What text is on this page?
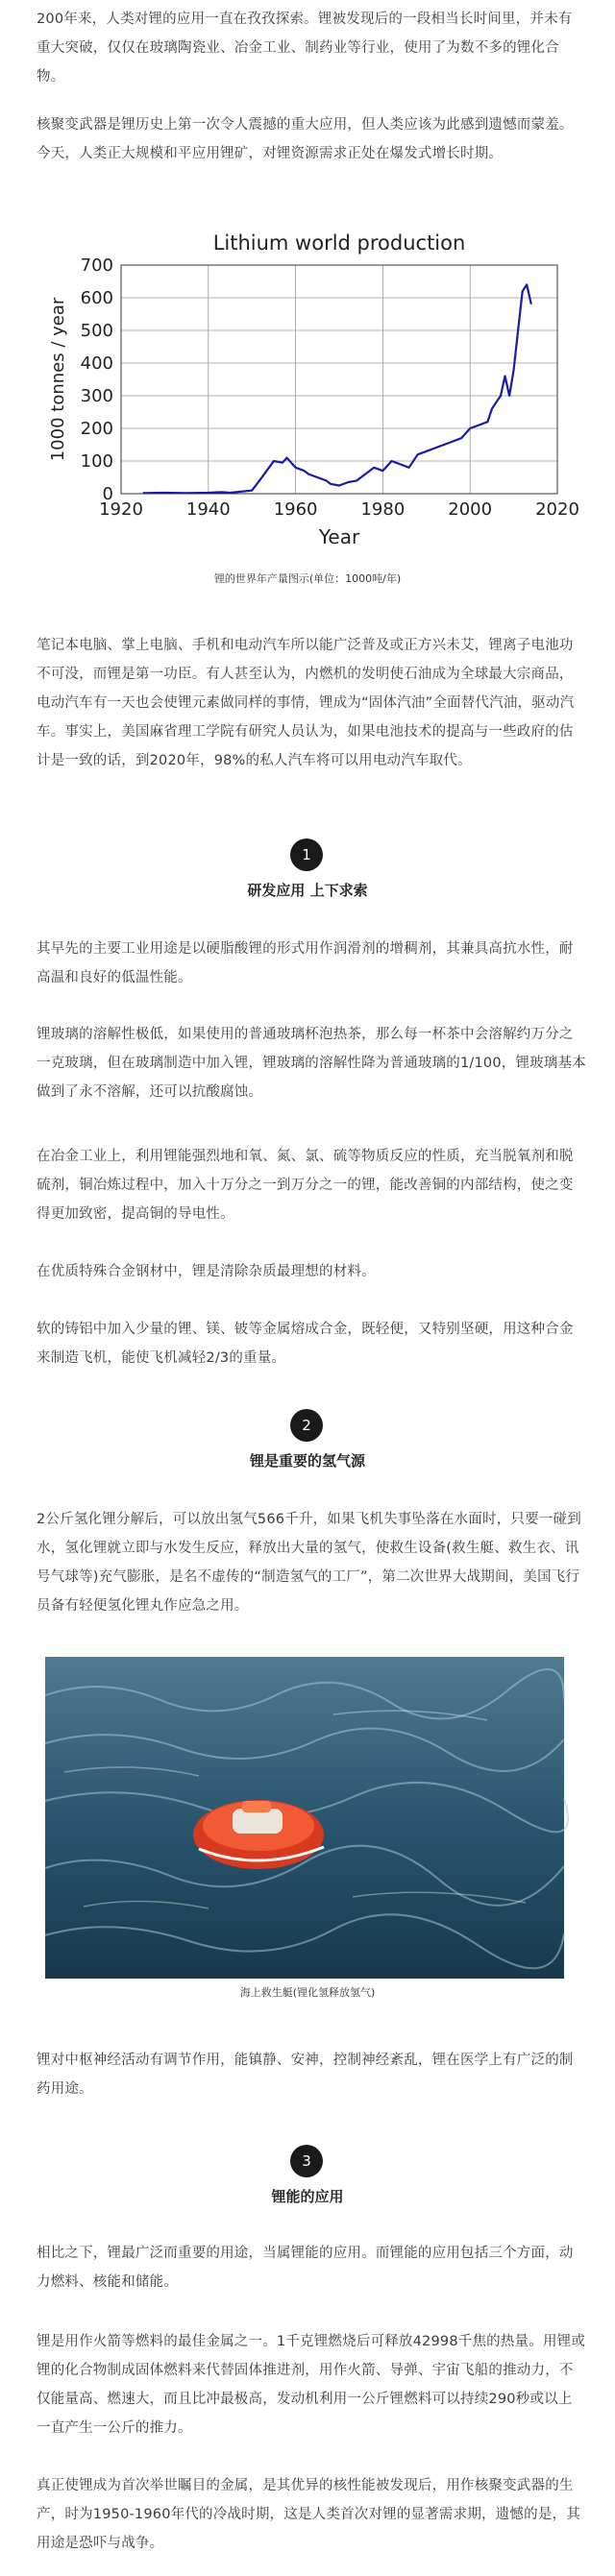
200年来，人类对锂的应用一直在孜孜探索。锂被发现后的一段相当长时间里，并未有重大突破，仅仅在玻璃陶瓷业、冶金工业、制药业等行业，使用了为数不多的锂化合物。

核聚变武器是锂历史上第一次令人震撼的重大应用，但人类应该为此感到遗憾而蒙羞。今天，人类正大规模和平应用锂矿，对锂资源需求正处在爆发式增长时期。

Lithium world production
1920 1940 1960 1980 2000 2020
0
100
200
300
400
500
600
700
Year
1000 tonnes / year
锂的世界年产量图示(单位：1000吨/年)

笔记本电脑、掌上电脑、手机和电动汽车所以能广泛普及或正方兴未艾，锂离子电池功不可没，而锂是第一功臣。有人甚至认为，内燃机的发明使石油成为全球最大宗商品，电动汽车有一天也会使锂元素做同样的事情，锂成为“固体汽油”全面替代汽油，驱动汽车。事实上，美国麻省理工学院有研究人员认为，如果电池技术的提高与一些政府的估计是一致的话，到2020年，98%的私人汽车将可以用电动汽车取代。

1
研发应用 上下求索

其早先的主要工业用途是以硬脂酸锂的形式用作润滑剂的增稠剂，其兼具高抗水性，耐高温和良好的低温性能。

锂玻璃的溶解性极低，如果使用的普通玻璃杯泡热茶，那么每一杯茶中会溶解约万分之一克玻璃，但在玻璃制造中加入锂，锂玻璃的溶解性降为普通玻璃的1/100，锂玻璃基本做到了永不溶解，还可以抗酸腐蚀。

在冶金工业上，利用锂能强烈地和氧、氮、氯、硫等物质反应的性质，充当脱氧剂和脱硫剂，铜冶炼过程中，加入十万分之一到万分之一的锂，能改善铜的内部结构，使之变得更加致密，提高铜的导电性。

在优质特殊合金钢材中，锂是清除杂质最理想的材料。

软的铸铝中加入少量的锂、镁、铍等金属熔成合金，既轻便，又特别坚硬，用这种合金来制造飞机，能使飞机减轻2/3的重量。

2
锂是重要的氢气源

2公斤氢化锂分解后，可以放出氢气566千升，如果飞机失事坠落在水面时，只要一碰到水，氢化锂就立即与水发生反应，释放出大量的氢气，使救生设备(救生艇、救生衣、讯号气球等)充气膨胀，是名不虚传的“制造氢气的工厂”，第二次世界大战期间，美国飞行员备有轻便氢化锂丸作应急之用。

海上救生艇(锂化氢释放氢气)

锂对中枢神经活动有调节作用，能镇静、安神，控制神经紊乱，锂在医学上有广泛的制药用途。

3
锂能的应用

相比之下，锂最广泛而重要的用途，当属锂能的应用。而锂能的应用包括三个方面，动力燃料、核能和储能。

锂是用作火箭等燃料的最佳金属之一。1千克锂燃烧后可释放42998千焦的热量。用锂或锂的化合物制成固体燃料来代替固体推进剂，用作火箭、导弹、宇宙飞船的推动力，不仅能量高、燃速大，而且比冲最极高，发动机利用一公斤锂燃料可以持续290秒或以上一直产生一公斤的推力。

真正使锂成为首次举世瞩目的金属，是其优异的核性能被发现后，用作核聚变武器的生产，时为1950-1960年代的冷战时期，这是人类首次对锂的显著需求期，遗憾的是，其用途是恐吓与战争。
